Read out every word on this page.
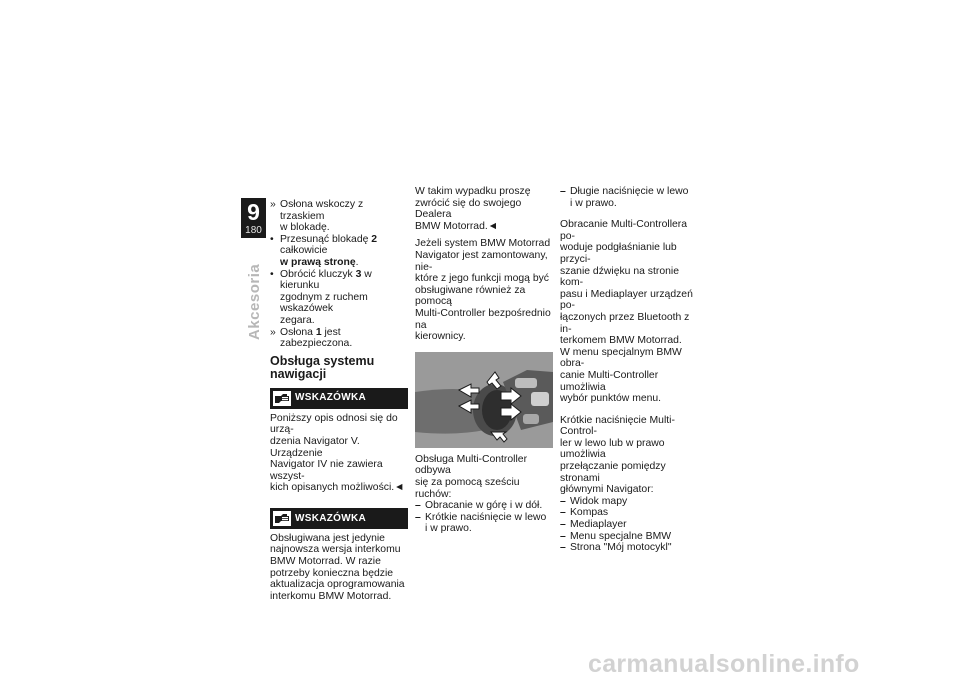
9
180
Akcesoria
» Osłona wskoczy z trzaskiem
w blokadę.
• Przesunąć blokadę 2 całkowicie
w prawą stronę.
• Obrócić kluczyk 3 w kierunku
zgodnym z ruchem wskazówek
zegara.
» Osłona 1 jest zabezpieczona.
Obsługa systemu
nawigacji
WSKAZÓWKA
Poniższy opis odnosi się do urzą-
dzenia Navigator V. Urządzenie
Navigator IV nie zawiera wszyst-
kich opisanych możliwości.◄
WSKAZÓWKA
Obsługiwana jest jedynie
najnowsza wersja interkomu
BMW Motorrad. W razie
potrzeby konieczna będzie
aktualizacja oprogramowania
interkomu BMW Motorrad.
W takim wypadku proszę
zwrócić się do swojego Dealera
BMW Motorrad.◄
Jeżeli system BMW Motorrad
Navigator jest zamontowany, nie-
które z jego funkcji mogą być
obsługiwane również za pomocą
Multi-Controller bezpośrednio na
kierownicy.
Obsługa Multi-Controller odbywa
się za pomocą sześciu ruchów:
– Obracanie w górę i w dół.
– Krótkie naciśnięcie w lewo
i w prawo.
– Długie naciśnięcie w lewo
i w prawo.
Obracanie Multi-Controllera po-
woduje podgłaśnianie lub przyci-
szanie dźwięku na stronie kom-
pasu i Mediaplayer urządzeń po-
łączonych przez Bluetooth z in-
terkomem BMW Motorrad.
W menu specjalnym BMW obra-
canie Multi-Controller umożliwia
wybór punktów menu.
Krótkie naciśnięcie Multi-Control-
ler w lewo lub w prawo umożliwia
przełączanie pomiędzy stronami
głównymi Navigator:
– Widok mapy
– Kompas
– Mediaplayer
– Menu specjalne BMW
– Strona "Mój motocykl"
carmanualsonline.info
